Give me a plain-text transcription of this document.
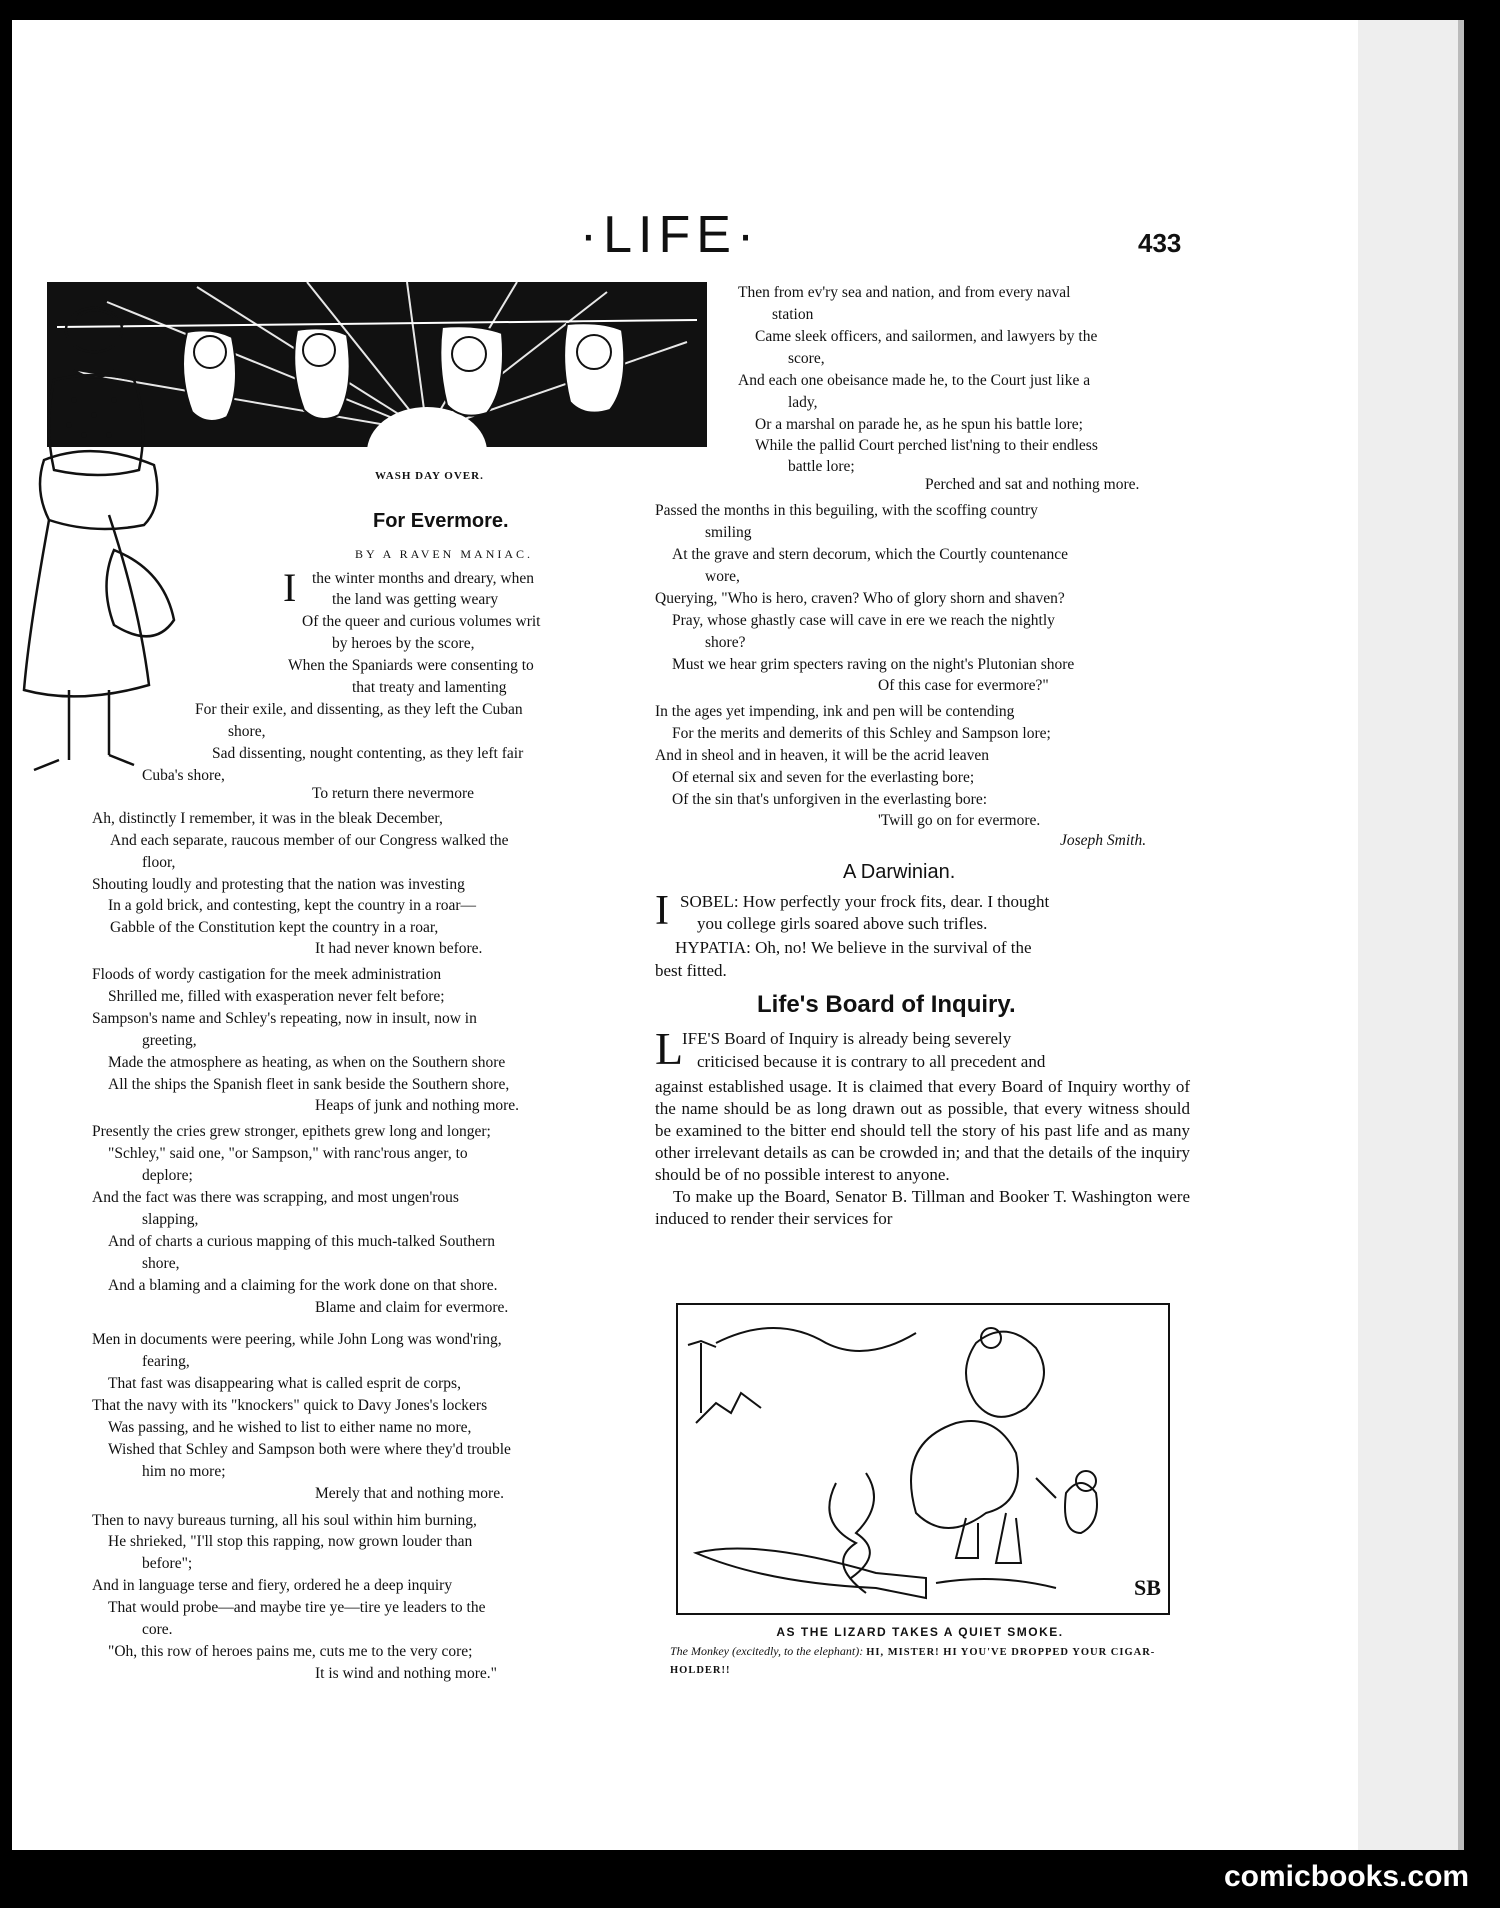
·LIFE·	433
WASH DAY OVER.
For Evermore.
BY A RAVEN MANIAC.
I the winter months and dreary, when
the land was getting weary
Of the queer and curious volumes writ
by heroes by the score,
When the Spaniards were consenting to
that treaty and lamenting
For their exile, and dissenting, as they left the Cuban
shore,
Sad dissenting, nought contenting, as they left fair
Cuba's shore,
To return there nevermore
Ah, distinctly I remember, it was in the bleak December,
And each separate, raucous member of our Congress walked the
floor,
Shouting loudly and protesting that the nation was investing
In a gold brick, and contesting, kept the country in a roar—
Gabble of the Constitution kept the country in a roar,
It had never known before.
Floods of wordy castigation for the meek administration
Shrilled me, filled with exasperation never felt before;
Sampson's name and Schley's repeating, now in insult, now in
greeting,
Made the atmosphere as heating, as when on the Southern shore
All the ships the Spanish fleet in sank beside the Southern shore,
Heaps of junk and nothing more.
Presently the cries grew stronger, epithets grew long and longer;
"Schley," said one, "or Sampson," with ranc'rous anger, to
deplore;
And the fact was there was scrapping, and most ungen'rous
slapping,
And of charts a curious mapping of this much-talked Southern
shore,
And a blaming and a claiming for the work done on that shore.
Blame and claim for evermore.
Men in documents were peering, while John Long was wond'ring,
fearing,
That fast was disappearing what is called esprit de corps,
That the navy with its "knockers" quick to Davy Jones's lockers
Was passing, and he wished to list to either name no more,
Wished that Schley and Sampson both were where they'd trouble
him no more;
Merely that and nothing more.
Then to navy bureaus turning, all his soul within him burning,
He shrieked, "I'll stop this rapping, now grown louder than
before";
And in language terse and fiery, ordered he a deep inquiry
That would probe—and maybe tire ye—tire ye leaders to the
core.
"Oh, this row of heroes pains me, cuts me to the very core;
It is wind and nothing more."
Then from ev'ry sea and nation, and from every naval
station
Came sleek officers, and sailormen, and lawyers by the
score,
And each one obeisance made he, to the Court just like a
lady,
Or a marshal on parade he, as he spun his battle lore;
While the pallid Court perched list'ning to their endless
battle lore;
Perched and sat and nothing more.
Passed the months in this beguiling, with the scoffing country
smiling
At the grave and stern decorum, which the Courtly countenance
wore,
Querying, "Who is hero, craven? Who of glory shorn and shaven?
Pray, whose ghastly case will cave in ere we reach the nightly
shore?
Must we hear grim specters raving on the night's Plutonian shore
Of this case for evermore?"
In the ages yet impending, ink and pen will be contending
For the merits and demerits of this Schley and Sampson lore;
And in sheol and in heaven, it will be the acrid leaven
Of eternal six and seven for the everlasting bore;
Of the sin that's unforgiven in the everlasting bore:
'Twill go on for evermore.
Joseph Smith.
A Darwinian.
I SOBEL: How perfectly your frock fits, dear. I thought
you college girls soared above such trifles.
HYPATIA: Oh, no! We believe in the survival of the
best fitted.
Life's Board of Inquiry.
L
IFE'S Board of Inquiry is already being severely
criticised because it is contrary to all precedent and

against established usage. It is claimed that every Board of Inquiry worthy of the name should be as long drawn out as possible, that every witness should be examined to the bitter end should tell the story of his past life and as many other irrelevant details as can be crowded in; and that the details of the inquiry should be of no possible interest to anyone.

To make up the Board, Senator B. Tillman and Booker T. Washington were induced to render their services for

SB
AS THE LIZARD TAKES A QUIET SMOKE.
The Monkey (excitedly, to the elephant): HI, MISTER! HI YOU'VE DROPPED YOUR CIGAR-HOLDER!!
comicbooks.com
